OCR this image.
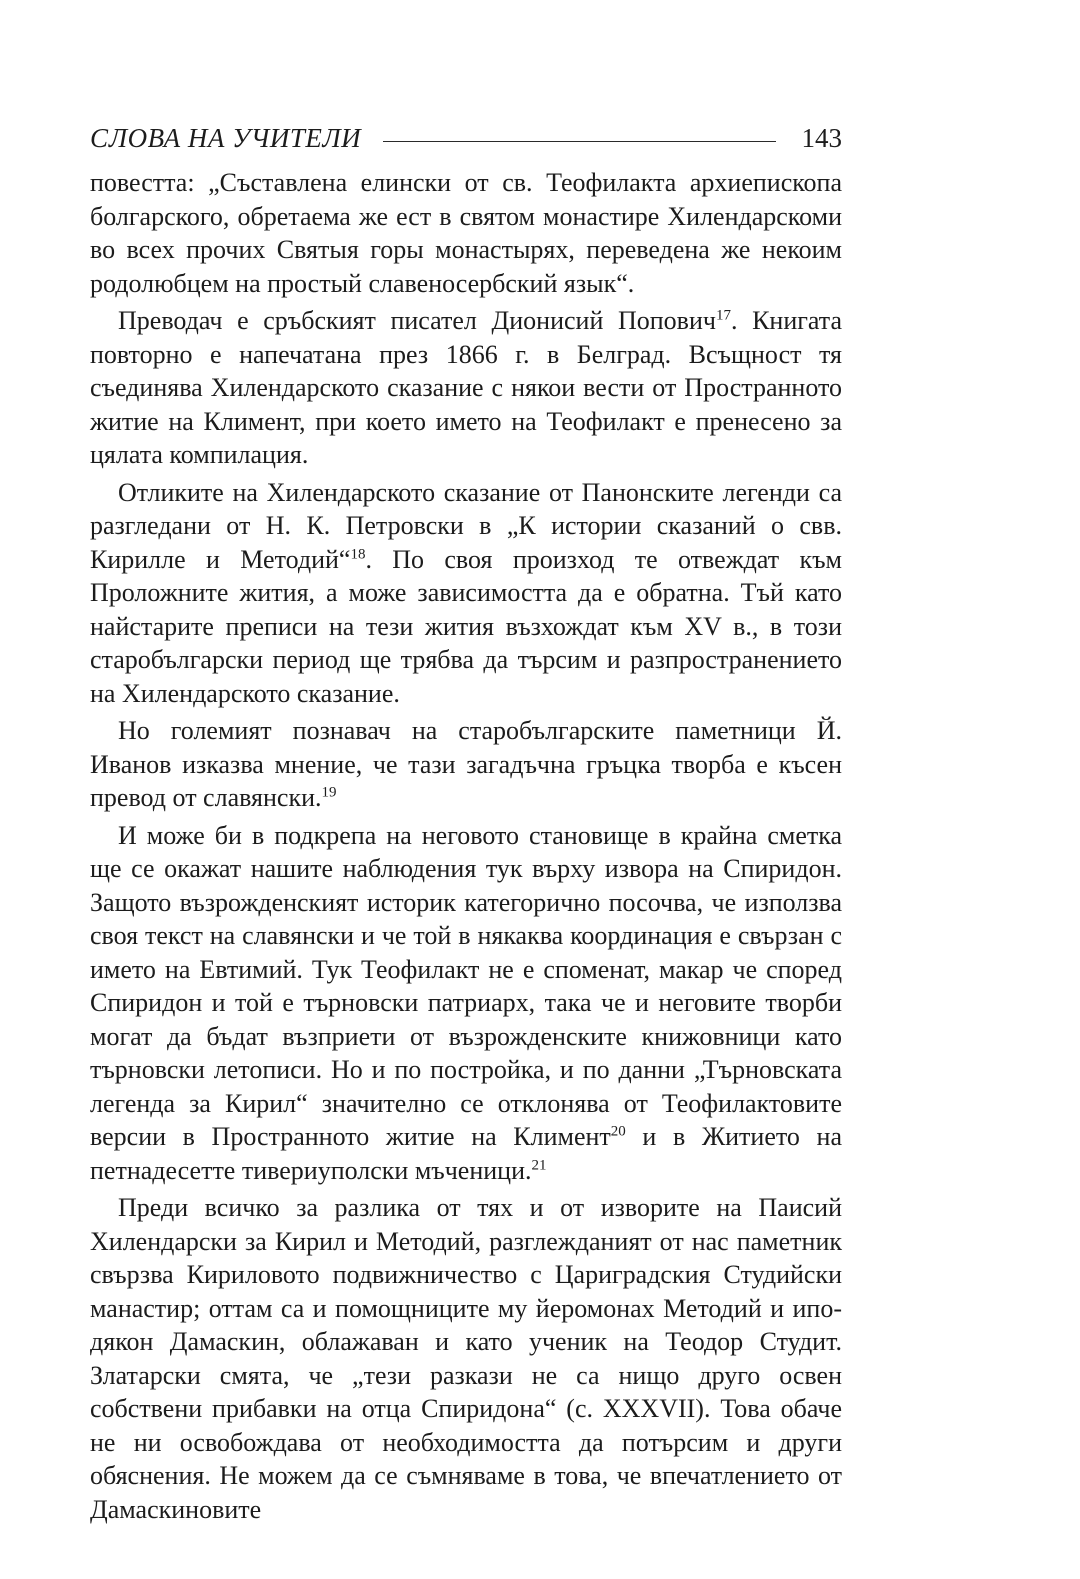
СЛОВА НА УЧИТЕЛИ	143

повестта: „Съставлена елински от св. Теофилакта архиепископа болгарского, обретаема же ест в святом монастире Хилендарскоми во всех прочих Святыя горы монастырях, переведена же некоим родолюбцем на простый славеносербский язык“.

Преводач е сръбският писател Дионисий Попович$^{17}$. Книгата повторно е напечатана през 1866 г. в Белград. Всъщност тя съединява Хилендарското сказание с някои вести от Пространното житие на Климент, при което името на Теофилакт е пренесено за цялата компилация.

Отликите на Хилендарското сказание от Панонските легенди са разгледани от Н. К. Петровски в „К истории сказаний о свв. Кирилле и Методий“$^{18}$. По своя произход те отвеждат към Проложните жития, а може зависимостта да е обратна. Тъй като найстарите преписи на тези жития възхождат към XV в., в този старобългарски период ще трябва да търсим и разпространението на Хилендарското сказание.

Но големият познавач на старобългарските паметници Й. Иванов изказва мнение, че тази загадъчна гръцка творба е късен превод от славянски.$^{19}$

И може би в подкрепа на неговото становище в крайна сметка ще се окажат нашите наблюдения тук върху извора на Спиридон. Защото възрожденският историк категорично посочва, че използва своя текст на славянски и че той в някаква координация е свързан с името на Евтимий. Тук Теофилакт не е споменат, макар че според Спиридон и той е търновски патриарх, така че и неговите творби могат да бъдат възприети от възрожденските книжовници като търновски летописи. Но и по постройка, и по данни „Търновската легенда за Кирил“ значително се отклонява от Теофилактовите версии в Пространното житие на Климент$^{20}$ и в Житието на петнадесетте тивериуполски мъченици.$^{21}$

Преди всичко за разлика от тях и от изворите на Паисий Хилендарски за Кирил и Методий, разглежданият от нас паметник свързва Кириловото подвижничество с Цариградския Студийски манастир; оттам са и помощниците му йеромонах Методий и иподякон Дамаскин, облажаван и като ученик на Теодор Студит. Златарски смята, че „тези разкази не са нищо друго освен собствени прибавки на отца Спиридона“ (с. XXXVII). Това обаче не ни освобождава от необходимостта да потърсим и други обяснения. Не можем да се съмняваме в това, че впечатлението от Дамаскиновите
